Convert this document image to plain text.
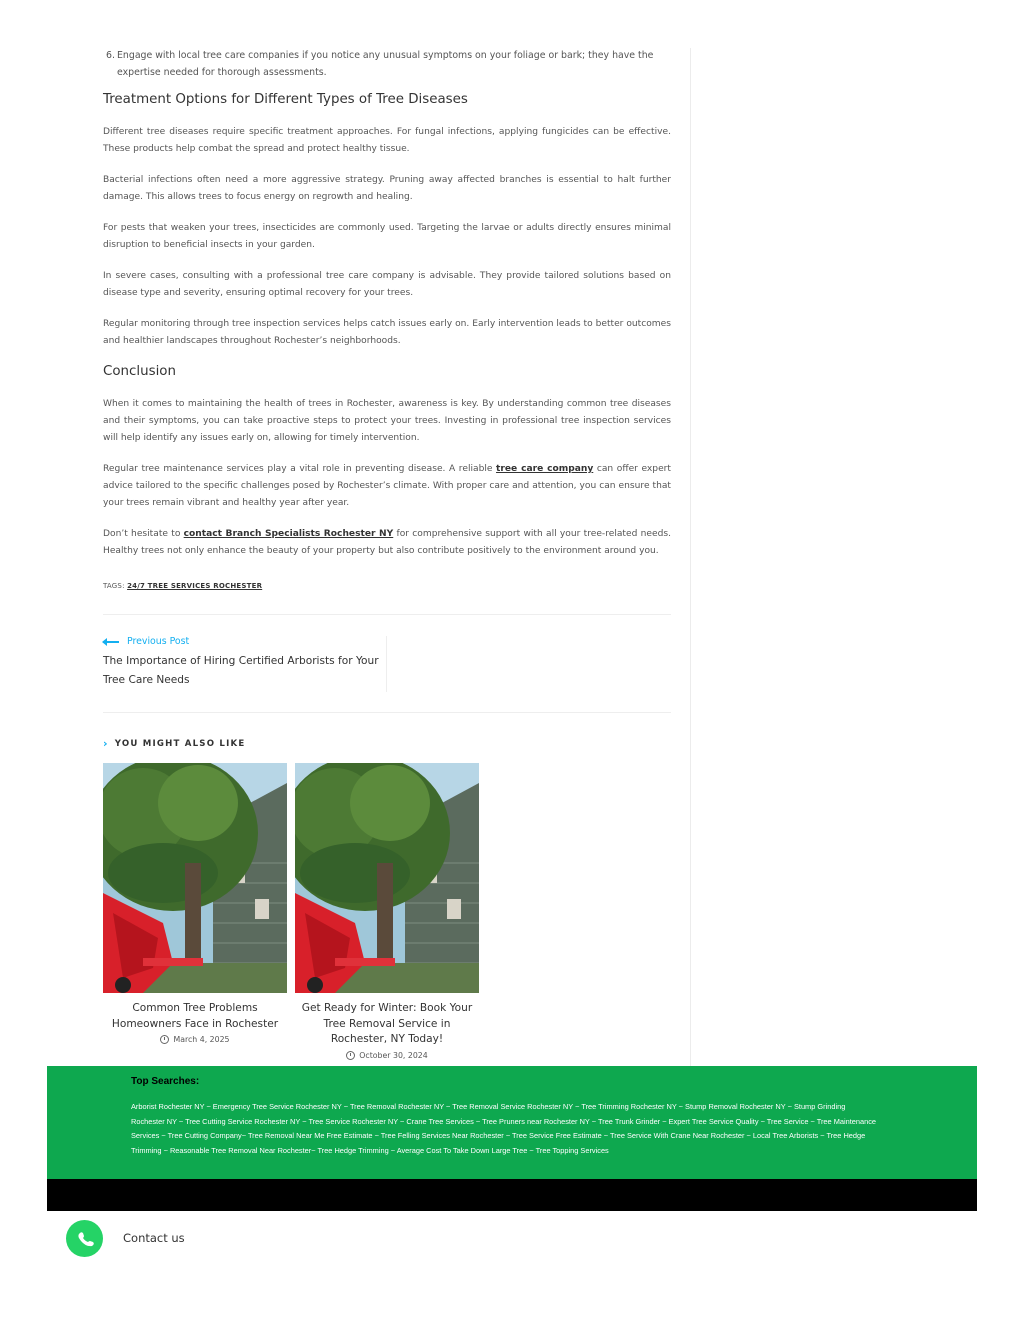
6. Engage with local tree care companies if you notice any unusual symptoms on your foliage or bark; they have the expertise needed for thorough assessments.
Treatment Options for Different Types of Tree Diseases

Different tree diseases require specific treatment approaches. For fungal infections, applying fungicides can be effective. These products help combat the spread and protect healthy tissue.

Bacterial infections often need a more aggressive strategy. Pruning away affected branches is essential to halt further damage. This allows trees to focus energy on regrowth and healing.

For pests that weaken your trees, insecticides are commonly used. Targeting the larvae or adults directly ensures minimal disruption to beneficial insects in your garden.

In severe cases, consulting with a professional tree care company is advisable. They provide tailored solutions based on disease type and severity, ensuring optimal recovery for your trees.

Regular monitoring through tree inspection services helps catch issues early on. Early intervention leads to better outcomes and healthier landscapes throughout Rochester’s neighborhoods.

Conclusion

When it comes to maintaining the health of trees in Rochester, awareness is key. By understanding common tree diseases and their symptoms, you can take proactive steps to protect your trees. Investing in professional tree inspection services will help identify any issues early on, allowing for timely intervention.

Regular tree maintenance services play a vital role in preventing disease. A reliable tree care company can offer expert advice tailored to the specific challenges posed by Rochester’s climate. With proper care and attention, you can ensure that your trees remain vibrant and healthy year after year.

Don’t hesitate to contact Branch Specialists Rochester NY for comprehensive support with all your tree-related needs. Healthy trees not only enhance the beauty of your property but also contribute positively to the environment around you.

TAGS: 24/7 TREE SERVICES ROCHESTER
Previous Post
The Importance of Hiring Certified Arborists for Your Tree Care Needs
› YOU MIGHT ALSO LIKE
Common Tree Problems Homeowners Face in Rochester
March 4, 2025
Get Ready for Winter: Book Your Tree Removal Service in Rochester, NY Today!
October 30, 2024
Top Searches:
Arborist Rochester NY ~ Emergency Tree Service Rochester NY ~ Tree Removal Rochester NY ~ Tree Removal Service Rochester NY ~ Tree Trimming Rochester NY ~ Stump Removal Rochester NY ~ Stump Grinding Rochester NY ~ Tree Cutting Service Rochester NY ~ Tree Service Rochester NY ~ Crane Tree Services ~ Tree Pruners near Rochester NY ~ Tree Trunk Grinder ~ Expert Tree Service Quality ~ Tree Service ~ Tree Maintenance Services ~ Tree Cutting Company~ Tree Removal Near Me Free Estimate ~ Tree Felling Services Near Rochester ~ Tree Service Free Estimate ~ Tree Service With Crane Near Rochester ~ Local Tree Arborists ~ Tree Hedge Trimming ~ Reasonable Tree Removal Near Rochester~ Tree Hedge Trimming ~ Average Cost To Take Down Large Tree ~ Tree Topping Services
Contact us
